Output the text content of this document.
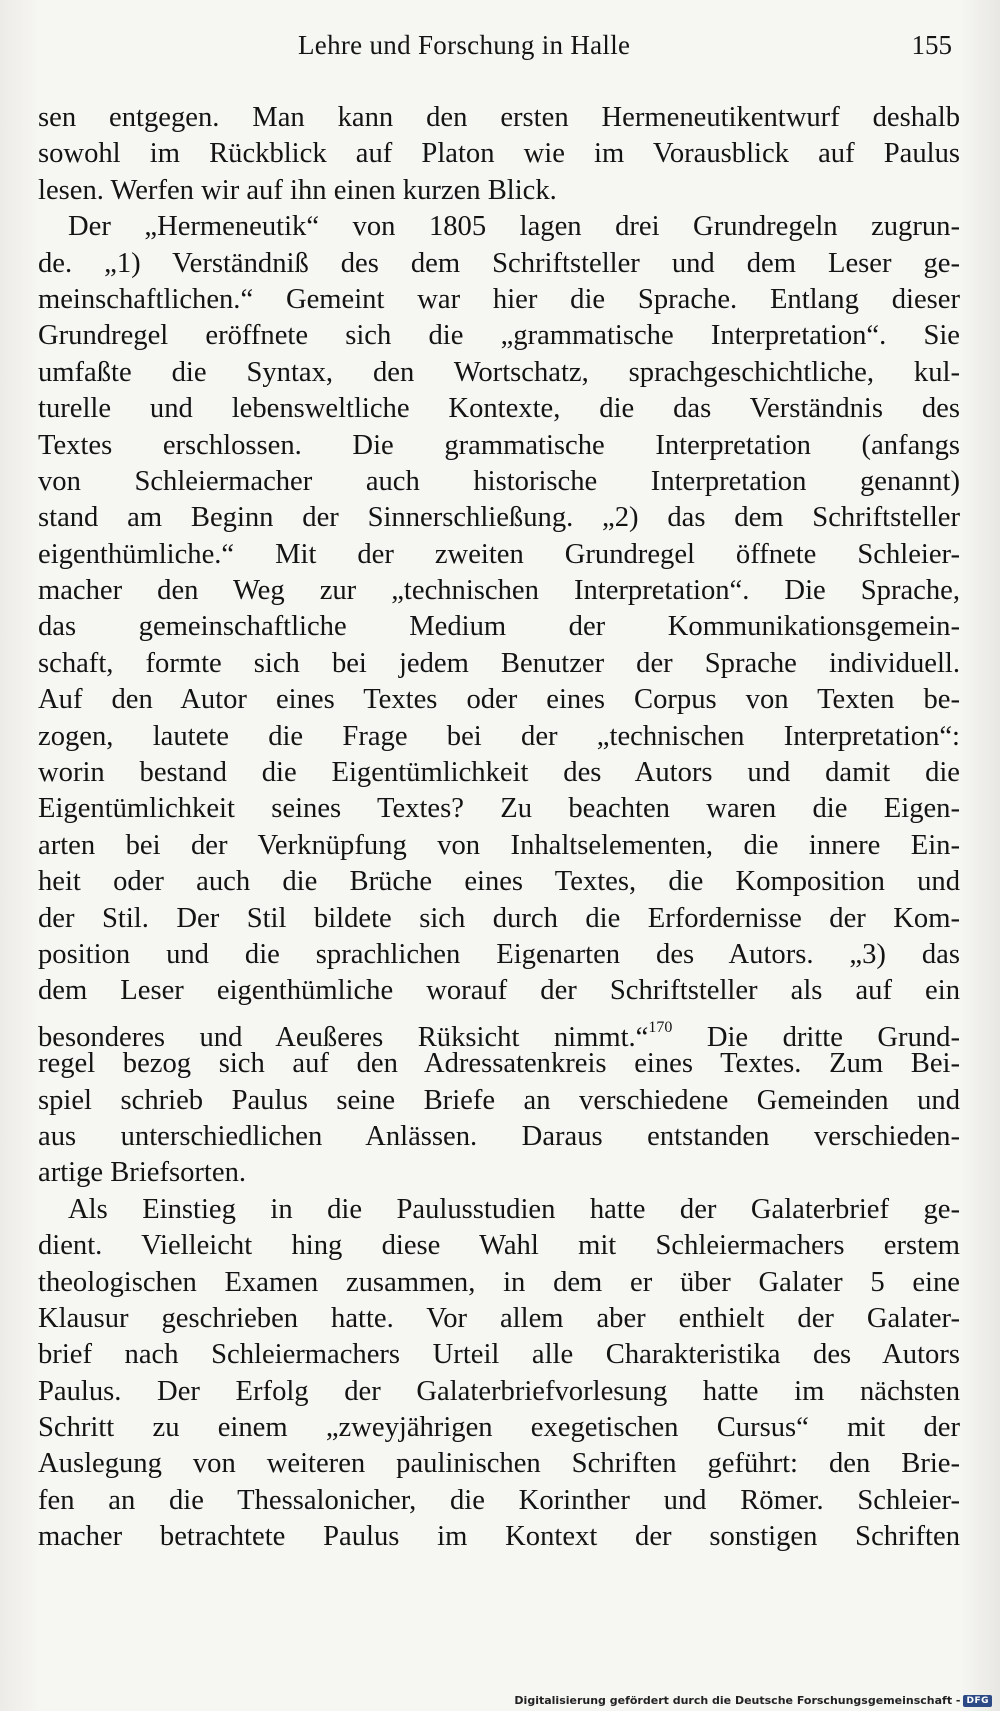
Lehre und Forschung in Halle	155
sen entgegen. Man kann den ersten Hermeneutikentwurf deshalb
sowohl im Rückblick auf Platon wie im Vorausblick auf Paulus
lesen. Werfen wir auf ihn einen kurzen Blick.
Der „Hermeneutik“ von 1805 lagen drei Grundregeln zugrun-
de. „1) Verständniß des dem Schriftsteller und dem Leser ge-
meinschaftlichen.“ Gemeint war hier die Sprache. Entlang dieser
Grundregel eröffnete sich die „grammatische Interpretation“. Sie
umfaßte die Syntax, den Wortschatz, sprachgeschichtliche, kul-
turelle und lebensweltliche Kontexte, die das Verständnis des
Textes erschlossen. Die grammatische Interpretation (anfangs
von Schleiermacher auch historische Interpretation genannt)
stand am Beginn der Sinnerschließung. „2) das dem Schriftsteller
eigenthümliche.“ Mit der zweiten Grundregel öffnete Schleier-
macher den Weg zur „technischen Interpretation“. Die Sprache,
das gemeinschaftliche Medium der Kommunikationsgemein-
schaft, formte sich bei jedem Benutzer der Sprache individuell.
Auf den Autor eines Textes oder eines Corpus von Texten be-
zogen, lautete die Frage bei der „technischen Interpretation“:
worin bestand die Eigentümlichkeit des Autors und damit die
Eigentümlichkeit seines Textes? Zu beachten waren die Eigen-
arten bei der Verknüpfung von Inhaltselementen, die innere Ein-
heit oder auch die Brüche eines Textes, die Komposition und
der Stil. Der Stil bildete sich durch die Erfordernisse der Kom-
position und die sprachlichen Eigenarten des Autors. „3) das
dem Leser eigenthümliche worauf der Schriftsteller als auf ein
besonderes und Aeußeres Rüksicht nimmt.“$^{170}$ Die dritte Grund-
regel bezog sich auf den Adressatenkreis eines Textes. Zum Bei-
spiel schrieb Paulus seine Briefe an verschiedene Gemeinden und
aus unterschiedlichen Anlässen. Daraus entstanden verschieden-
artige Briefsorten.
Als Einstieg in die Paulusstudien hatte der Galaterbrief ge-
dient. Vielleicht hing diese Wahl mit Schleiermachers erstem
theologischen Examen zusammen, in dem er über Galater 5 eine
Klausur geschrieben hatte. Vor allem aber enthielt der Galater-
brief nach Schleiermachers Urteil alle Charakteristika des Autors
Paulus. Der Erfolg der Galaterbriefvorlesung hatte im nächsten
Schritt zu einem „zweyjährigen exegetischen Cursus“ mit der
Auslegung von weiteren paulinischen Schriften geführt: den Brie-
fen an die Thessalonicher, die Korinther und Römer. Schleier-
macher betrachtete Paulus im Kontext der sonstigen Schriften
Digitalisierung gefördert durch die Deutsche Forschungsgemeinschaft - DFG
